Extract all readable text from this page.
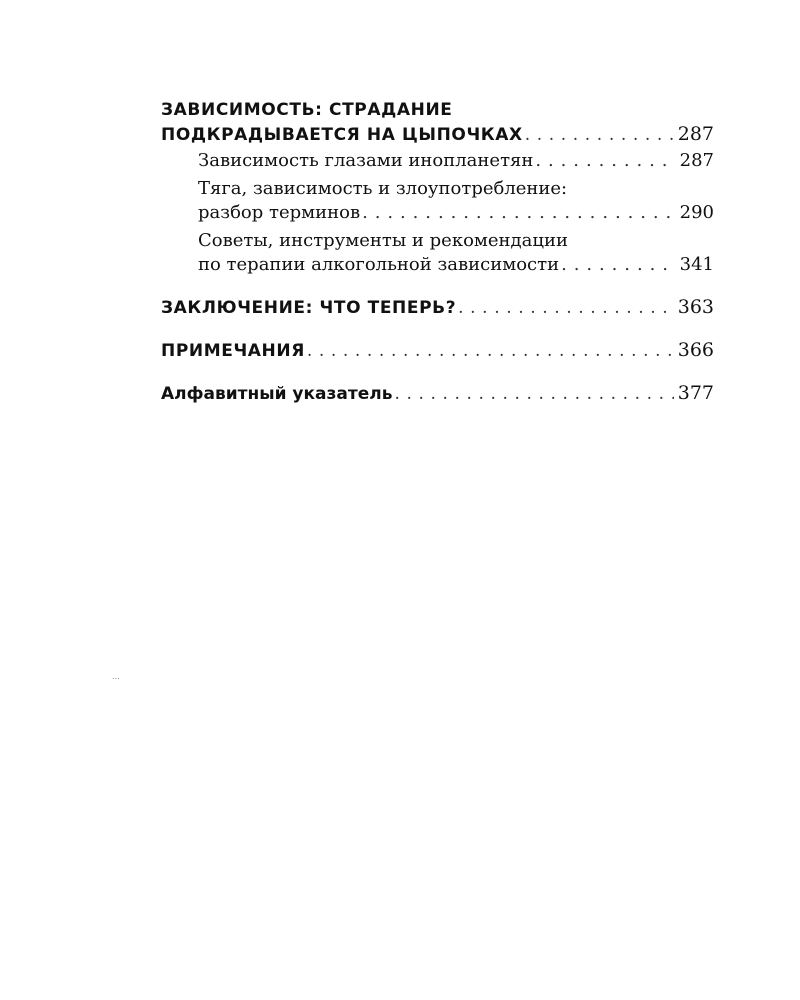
ЗАВИСИМОСТЬ: СТРАДАНИЕ
ПОДКРАДЫВАЕТСЯ НА ЦЫПОЧКАХ . . .	287
Зависимость глазами инопланетян . . .	287
Тяга, зависимость и злоупотребление:
разбор терминов . . .	290
Советы, инструменты и рекомендации
по терапии алкогольной зависимости . . .	341
ЗАКЛЮЧЕНИЕ: ЧТО ТЕПЕРЬ? . . .	363
ПРИМЕЧАНИЯ . . .	366
Алфавитный указатель . . .	377
...
